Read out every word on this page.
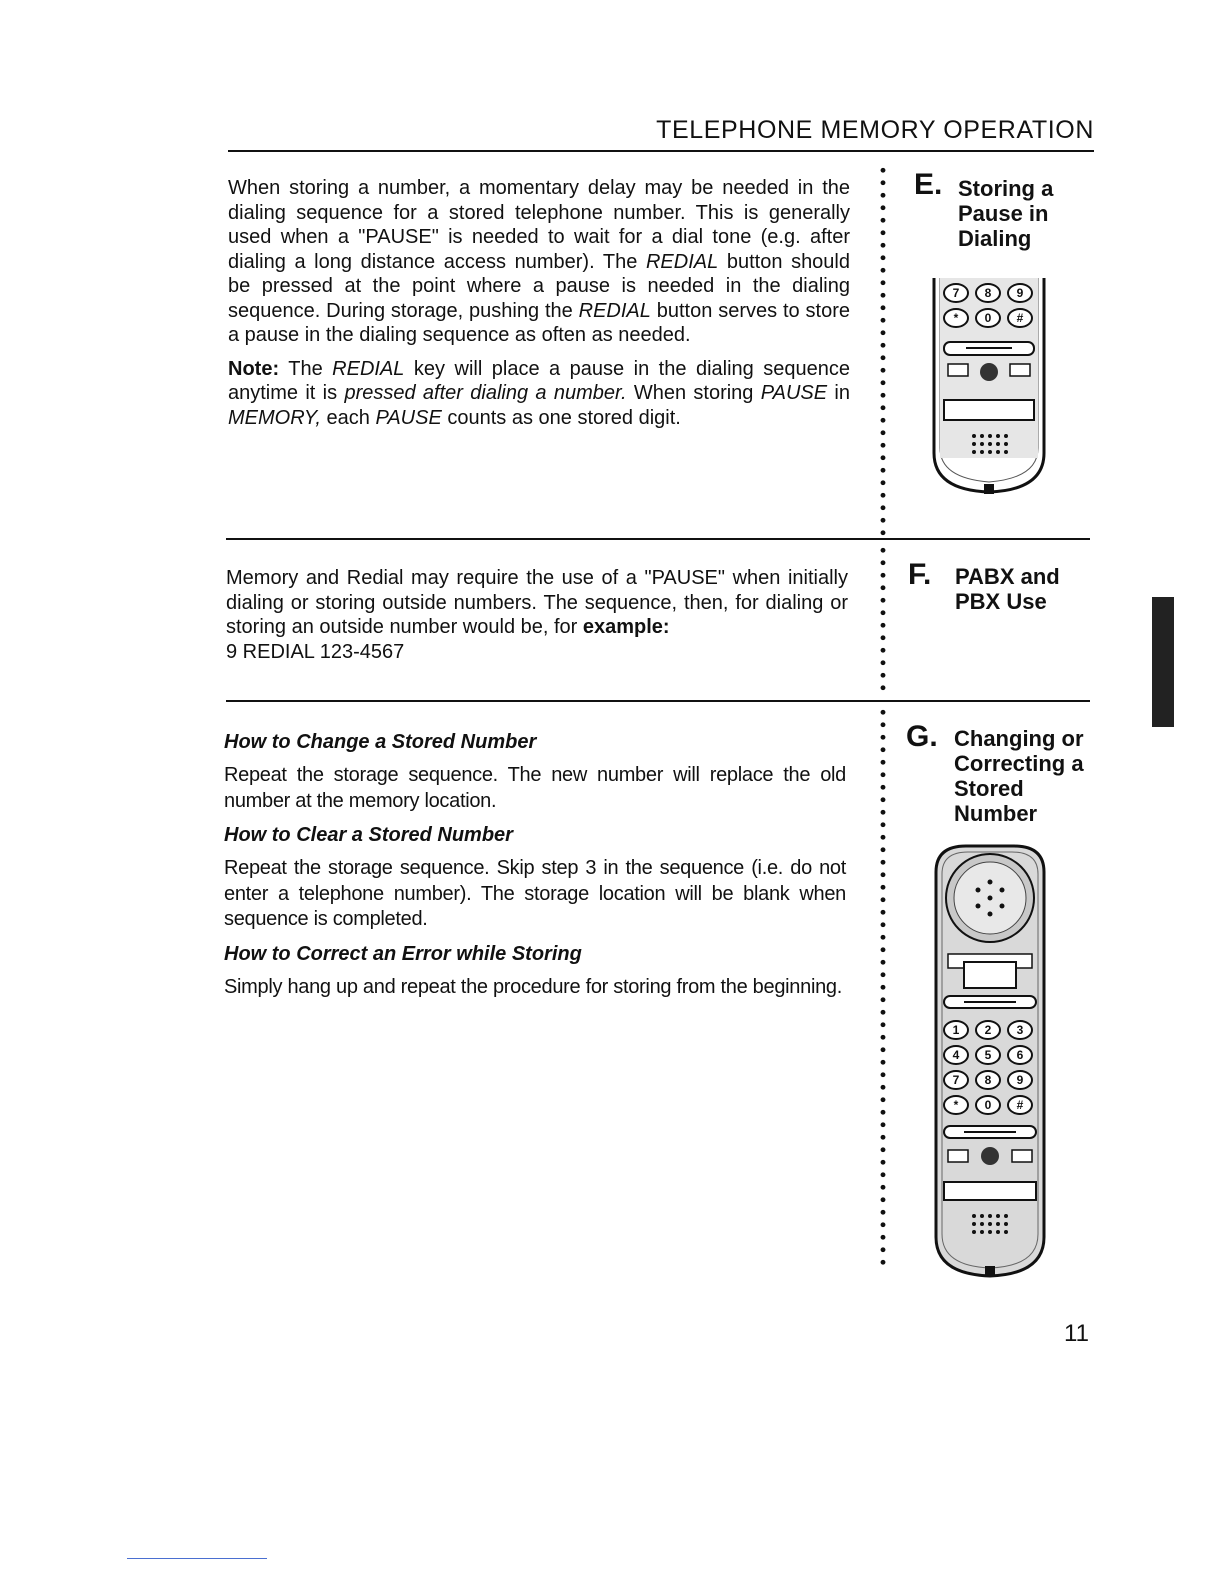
TELEPHONE MEMORY OPERATION

When storing a number, a momentary delay may be needed in the dialing sequence for a stored telephone number. This is generally used when a "PAUSE" is needed to wait for a dial tone (e.g. after dialing a long distance access number). The REDIAL button should be pressed at the point where a pause is needed in the dialing sequence. During storage, pushing the REDIAL button serves to store a pause in the dialing sequence as often as needed.

Note: The REDIAL key will place a pause in the dialing sequence anytime it is pressed after dialing a number. When storing PAUSE in MEMORY, each PAUSE counts as one stored digit.

E. Storing a
Pause in
Dialing
7 8 9
* 0 #

Memory and Redial may require the use of a "PAUSE" when initially dialing or storing outside numbers. The sequence, then, for dialing or storing an outside number would be, for example:

9 REDIAL 123-4567

F. PABX and
PBX Use

How to Change a Stored Number

Repeat the storage sequence. The new number will replace the old number at the memory location.

How to Clear a Stored Number

Repeat the storage sequence. Skip step 3 in the sequence (i.e. do not enter a telephone number). The storage location will be blank when sequence is completed.

How to Correct an Error while Storing

Simply hang up and repeat the procedure for storing from the beginning.

G. Changing or
Correcting a
Stored
Number
1 2 3
4 5 6
7 8 9
* 0 #
11
